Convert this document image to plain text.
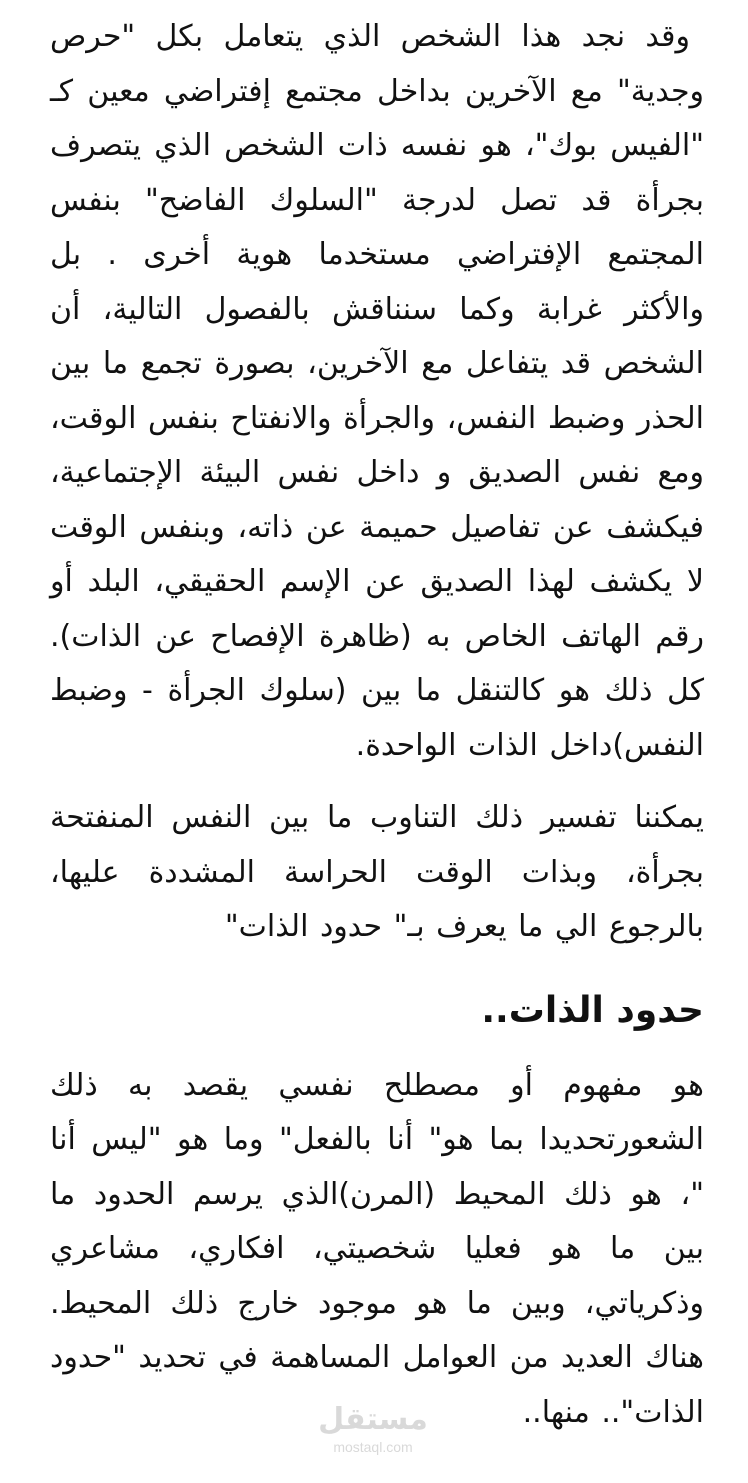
وقد نجد هذا الشخص الذي يتعامل بكل "حرص وجدية" مع الآخرين بداخل مجتمع إفتراضي معين كـ "الفيس بوك"، هو نفسه ذات الشخص الذي يتصرف بجرأة قد تصل لدرجة "السلوك الفاضح" بنفس المجتمع الإفتراضي مستخدما هوية أخرى . بل والأكثر غرابة وكما سنناقش بالفصول التالية، أن الشخص قد يتفاعل مع الآخرين، بصورة تجمع ما بين الحذر وضبط النفس، والجرأة والانفتاح بنفس الوقت، ومع نفس الصديق و داخل نفس البيئة الإجتماعية، فيكشف عن تفاصيل حميمة عن ذاته، وبنفس الوقت لا يكشف لهذا الصديق عن الإسم الحقيقي، البلد أو رقم الهاتف الخاص به (ظاهرة الإفصاح عن الذات). كل ذلك هو كالتنقل ما بين (سلوك الجرأة - وضبط النفس)داخل الذات الواحدة.

يمكننا تفسير ذلك التناوب ما بين النفس المنفتحة بجرأة، وبذات الوقت الحراسة المشددة عليها، بالرجوع الي ما يعرف بـ" حدود الذات"

حدود الذات..

هو مفهوم أو مصطلح نفسي يقصد به ذلك الشعورتحديدا بما هو" أنا بالفعل" وما هو "ليس أنا "، هو ذلك المحيط (المرن)الذي يرسم الحدود ما بين ما هو فعليا شخصيتي، افكاري، مشاعري وذكرياتي، وبين ما هو موجود خارج ذلك المحيط. هناك العديد من العوامل المساهمة في تحديد "حدود الذات".. منها..

مستقل
mostaql.com
